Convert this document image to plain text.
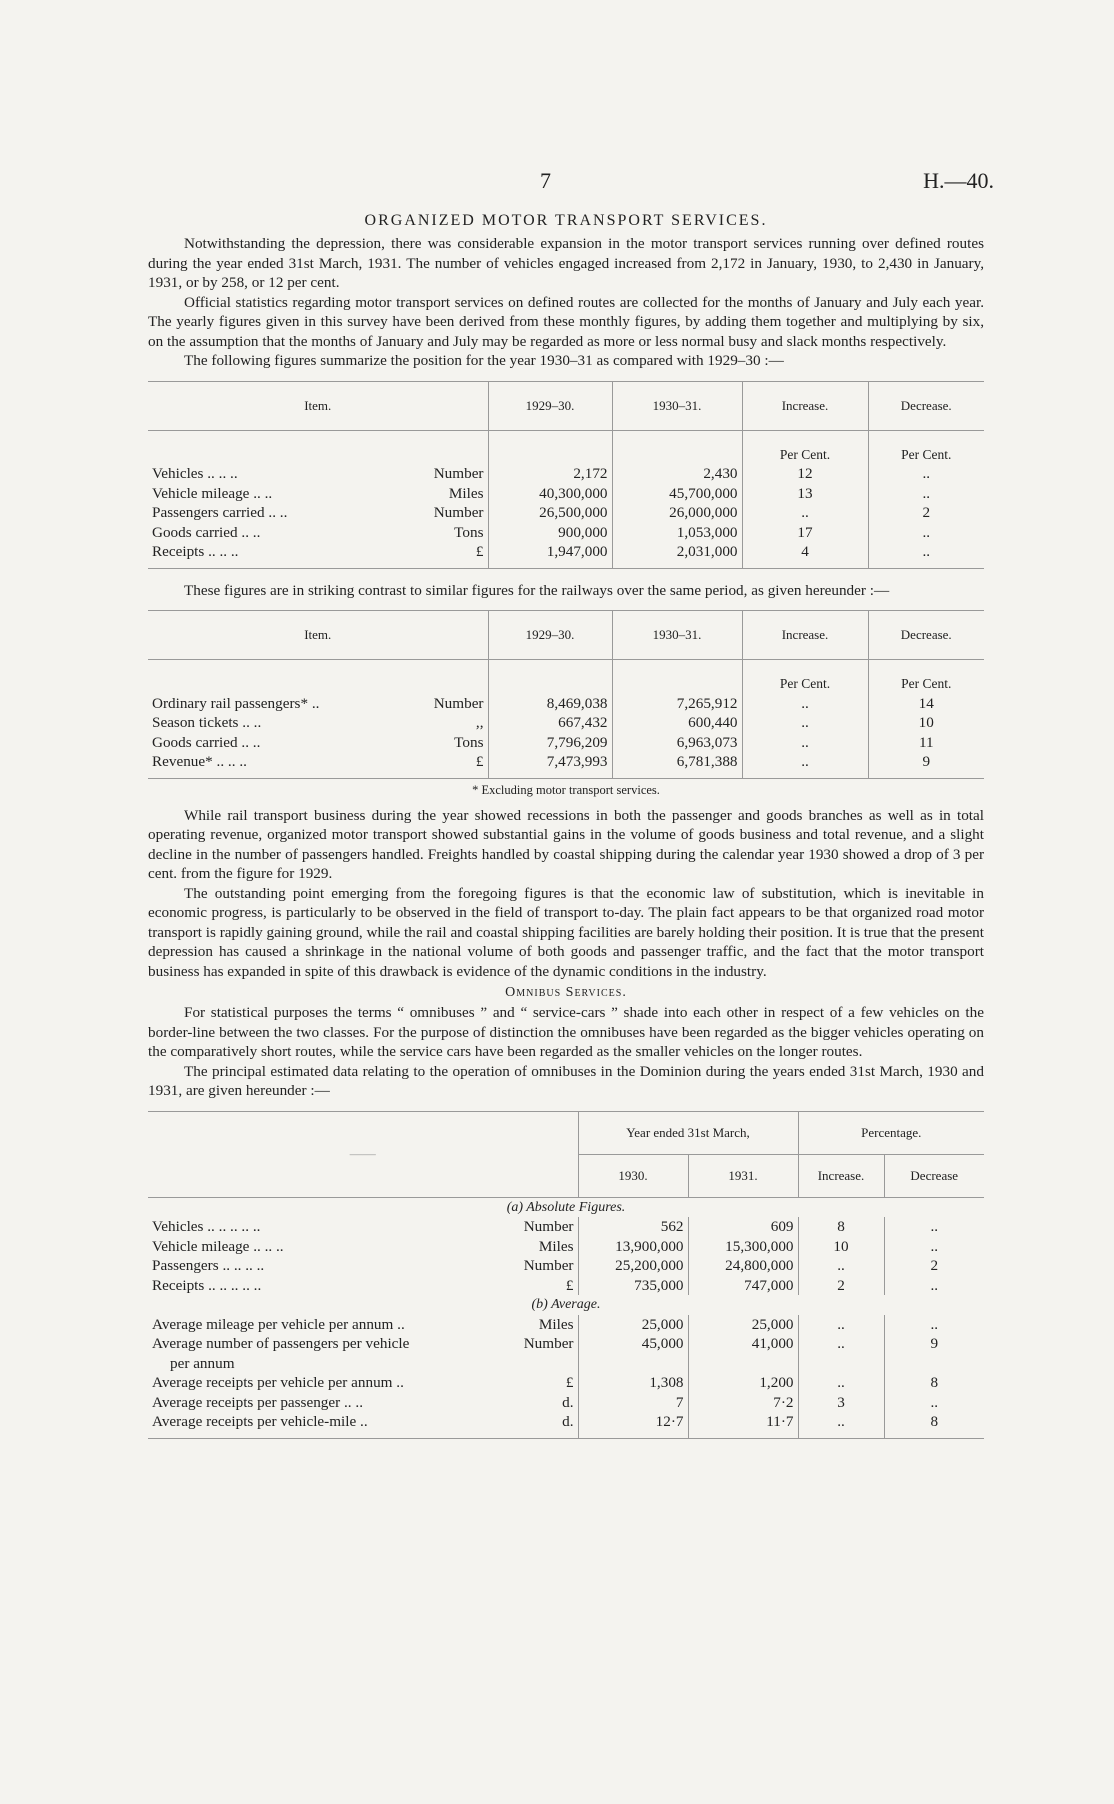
7	H.—40.
ORGANIZED MOTOR TRANSPORT SERVICES.

Notwithstanding the depression, there was considerable expansion in the motor transport services running over defined routes during the year ended 31st March, 1931. The number of vehicles engaged increased from 2,172 in January, 1930, to 2,430 in January, 1931, or by 258, or 12 per cent.

Official statistics regarding motor transport services on defined routes are collected for the months of January and July each year. The yearly figures given in this survey have been derived from these monthly figures, by adding them together and multiplying by six, on the assumption that the months of January and July may be regarded as more or less normal busy and slack months respectively.

The following figures summarize the position for the year 1930–31 as compared with 1929–30 :—

Item.		1929–30.	1930–31.	Increase.	Decrease.
				Per Cent.	Per Cent.
Vehicles .. .. ..	Number	2,172	2,430	12	..
Vehicle mileage .. ..	Miles	40,300,000	45,700,000	13	..
Passengers carried .. ..	Number	26,500,000	26,000,000	..	2
Goods carried .. ..	Tons	900,000	1,053,000	17	..
Receipts .. .. ..	£	1,947,000	2,031,000	4	..

These figures are in striking contrast to similar figures for the railways over the same period, as given hereunder :—

Item.		1929–30.	1930–31.	Increase.	Decrease.
				Per Cent.	Per Cent.
Ordinary rail passengers* ..	Number	8,469,038	7,265,912	..	14
Season tickets .. ..	,,	667,432	600,440	..	10
Goods carried .. ..	Tons	7,796,209	6,963,073	..	11
Revenue* .. .. ..	£	7,473,993	6,781,388	..	9
* Excluding motor transport services.

While rail transport business during the year showed recessions in both the passenger and goods branches as well as in total operating revenue, organized motor transport showed substantial gains in the volume of goods business and total revenue, and a slight decline in the number of passengers handled. Freights handled by coastal shipping during the calendar year 1930 showed a drop of 3 per cent. from the figure for 1929.

The outstanding point emerging from the foregoing figures is that the economic law of substitution, which is inevitable in economic progress, is particularly to be observed in the field of transport to-day. The plain fact appears to be that organized road motor transport is rapidly gaining ground, while the rail and coastal shipping facilities are barely holding their position. It is true that the present depression has caused a shrinkage in the national volume of both goods and passenger traffic, and the fact that the motor transport business has expanded in spite of this drawback is evidence of the dynamic conditions in the industry.

Omnibus Services.

For statistical purposes the terms “ omnibuses ” and “ service-cars ” shade into each other in respect of a few vehicles on the border-line between the two classes. For the purpose of distinction the omnibuses have been regarded as the bigger vehicles operating on the comparatively short routes, while the service cars have been regarded as the smaller vehicles on the longer routes.

The principal estimated data relating to the operation of omnibuses in the Dominion during the years ended 31st March, 1930 and 1931, are given hereunder :—

——		Year ended 31st March,		Percentage.	
		1930.	1931.	Increase.	Decrease
(a) Absolute Figures.					
Vehicles .. .. .. .. ..	Number	562	609	8	..
Vehicle mileage .. .. ..	Miles	13,900,000	15,300,000	10	..
Passengers .. .. .. ..	Number	25,200,000	24,800,000	..	2
Receipts .. .. .. .. ..	£	735,000	747,000	2	..
(b) Average.					
Average mileage per vehicle per annum ..	Miles	25,000	25,000	..	..
Average number of passengers per vehicle	Number	45,000	41,000	..	9
per annum					
Average receipts per vehicle per annum ..	£	1,308	1,200	..	8
Average receipts per passenger .. ..	d.	7	7·2	3	..
Average receipts per vehicle-mile ..	d.	12·7	11·7	..	8
